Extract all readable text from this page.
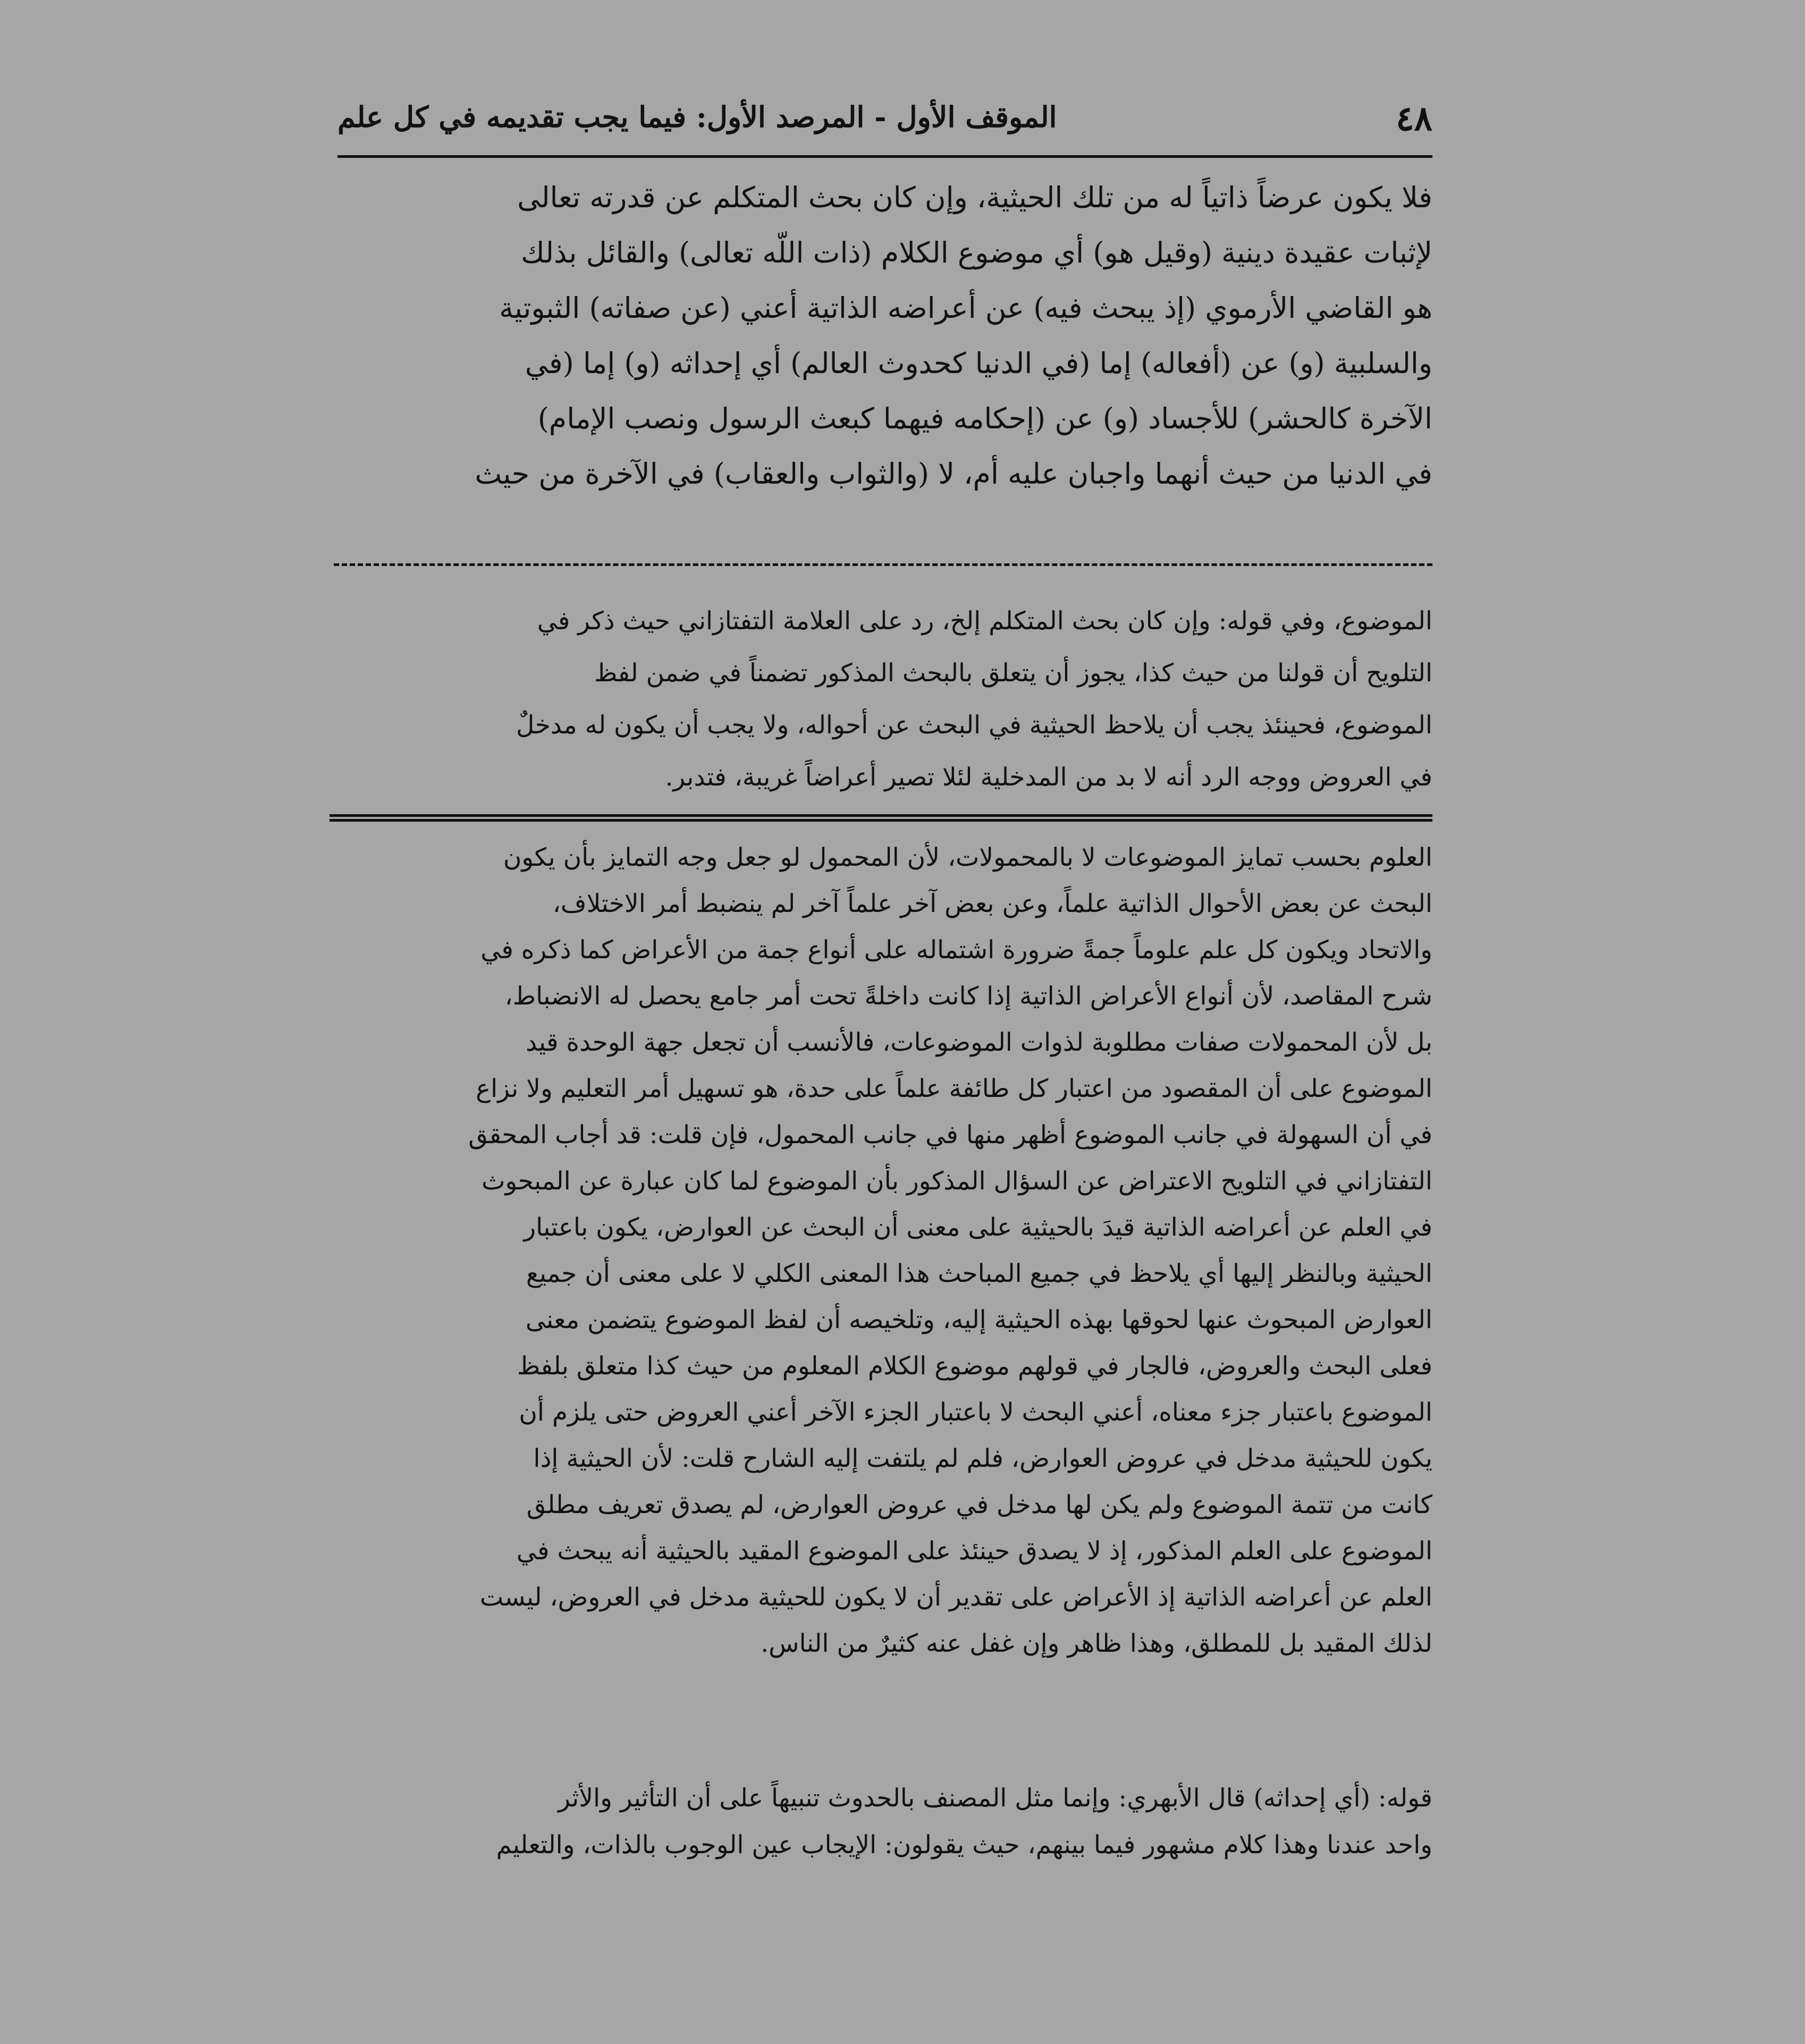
٤٨
الموقف الأول - المرصد الأول: فيما يجب تقديمه في كل علم
فلا يكون عرضاً ذاتياً له من تلك الحيثية، وإن كان بحث المتكلم عن قدرته تعالى
لإثبات عقيدة دينية (وقيل هو) أي موضوع الكلام (ذات اللّه تعالى) والقائل بذلك
هو القاضي الأرموي (إذ يبحث فيه) عن أعراضه الذاتية أعني (عن صفاته) الثبوتية
والسلبية (و) عن (أفعاله) إما (في الدنيا كحدوث العالم) أي إحداثه (و) إما (في
الآخرة كالحشر) للأجساد (و) عن (إحكامه فيهما كبعث الرسول ونصب الإمام)
في الدنيا من حيث أنهما واجبان عليه أم، لا (والثواب والعقاب) في الآخرة من حيث
الموضوع، وفي قوله: وإن كان بحث المتكلم إلخ، رد على العلامة التفتازاني حيث ذكر في
التلويح أن قولنا من حيث كذا، يجوز أن يتعلق بالبحث المذكور تضمناً في ضمن لفظ
الموضوع، فحينئذ يجب أن يلاحظ الحيثية في البحث عن أحواله، ولا يجب أن يكون له مدخلٌ
في العروض ووجه الرد أنه لا بد من المدخلية لئلا تصير أعراضاً غريبة، فتدبر.
العلوم بحسب تمايز الموضوعات لا بالمحمولات، لأن المحمول لو جعل وجه التمايز بأن يكون
البحث عن بعض الأحوال الذاتية علماً، وعن بعض آخر علماً آخر لم ينضبط أمر الاختلاف،
والاتحاد ويكون كل علم علوماً جمةً ضرورة اشتماله على أنواع جمة من الأعراض كما ذكره في
شرح المقاصد، لأن أنواع الأعراض الذاتية إذا كانت داخلةً تحت أمر جامع يحصل له الانضباط،
بل لأن المحمولات صفات مطلوبة لذوات الموضوعات، فالأنسب أن تجعل جهة الوحدة قيد
الموضوع على أن المقصود من اعتبار كل طائفة علماً على حدة، هو تسهيل أمر التعليم ولا نزاع
في أن السهولة في جانب الموضوع أظهر منها في جانب المحمول، فإن قلت: قد أجاب المحقق
التفتازاني في التلويح الاعتراض عن السؤال المذكور بأن الموضوع لما كان عبارة عن المبحوث
في العلم عن أعراضه الذاتية قيدَ بالحيثية على معنى أن البحث عن العوارض، يكون باعتبار
الحيثية وبالنظر إليها أي يلاحظ في جميع المباحث هذا المعنى الكلي لا على معنى أن جميع
العوارض المبحوث عنها لحوقها بهذه الحيثية إليه، وتلخيصه أن لفظ الموضوع يتضمن معنى
فعلى البحث والعروض، فالجار في قولهم موضوع الكلام المعلوم من حيث كذا متعلق بلفظ
الموضوع باعتبار جزء معناه، أعني البحث لا باعتبار الجزء الآخر أعني العروض حتى يلزم أن
يكون للحيثية مدخل في عروض العوارض، فلم لم يلتفت إليه الشارح قلت: لأن الحيثية إذا
كانت من تتمة الموضوع ولم يكن لها مدخل في عروض العوارض، لم يصدق تعريف مطلق
الموضوع على العلم المذكور، إذ لا يصدق حينئذ على الموضوع المقيد بالحيثية أنه يبحث في
العلم عن أعراضه الذاتية إذ الأعراض على تقدير أن لا يكون للحيثية مدخل في العروض، ليست
لذلك المقيد بل للمطلق، وهذا ظاهر وإن غفل عنه كثيرٌ من الناس.
قوله: (أي إحداثه) قال الأبهري: وإنما مثل المصنف بالحدوث تنبيهاً على أن التأثير والأثر
واحد عندنا وهذا كلام مشهور فيما بينهم، حيث يقولون: الإيجاب عين الوجوب بالذات، والتعليم
